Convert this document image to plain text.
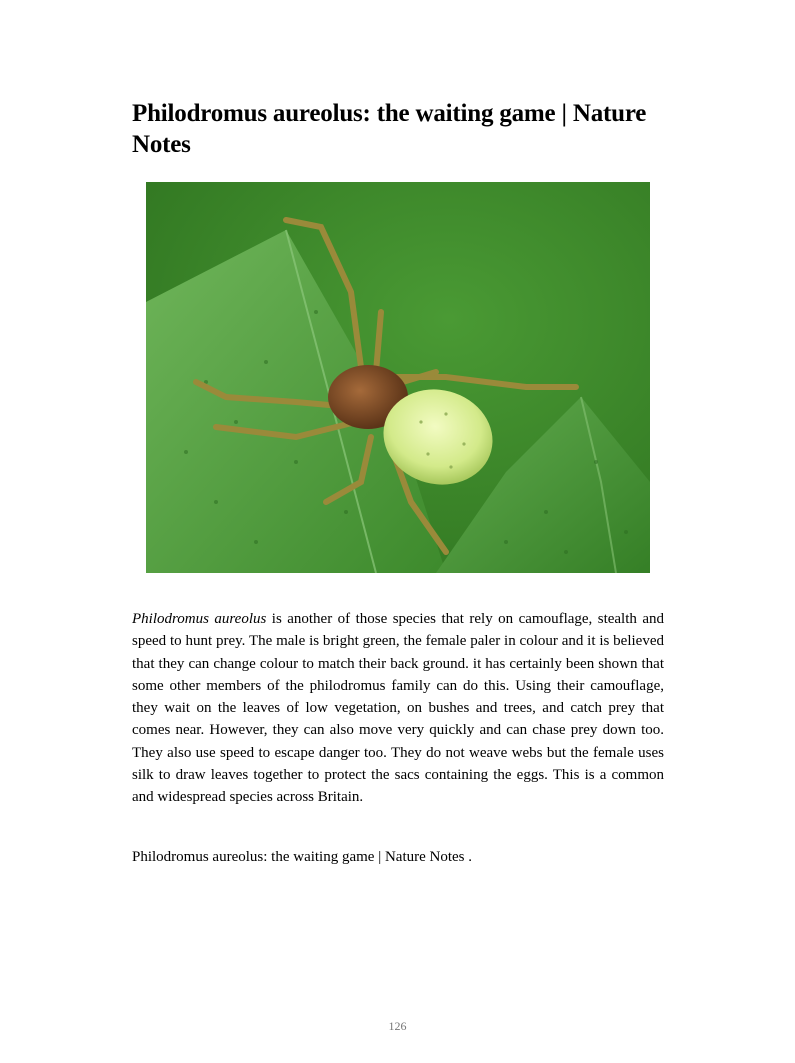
Philodromus aureolus: the waiting game | Nature Notes

Philodromus aureolus is another of those species that rely on camouflage, stealth and speed to hunt prey. The male is bright green, the female paler in colour and it is believed that they can change colour to match their back ground. it has certainly been shown that some other members of the philodromus family can do this. Using their camouflage, they wait on the leaves of low vegetation, on bushes and trees, and catch prey that comes near. However, they can also move very quickly and can chase prey down too. They also use speed to escape danger too. They do not weave webs but the female uses silk to draw leaves together to protect the sacs containing the eggs. This is a common and widespread species across Britain.

Philodromus aureolus: the waiting game | Nature Notes .

126
